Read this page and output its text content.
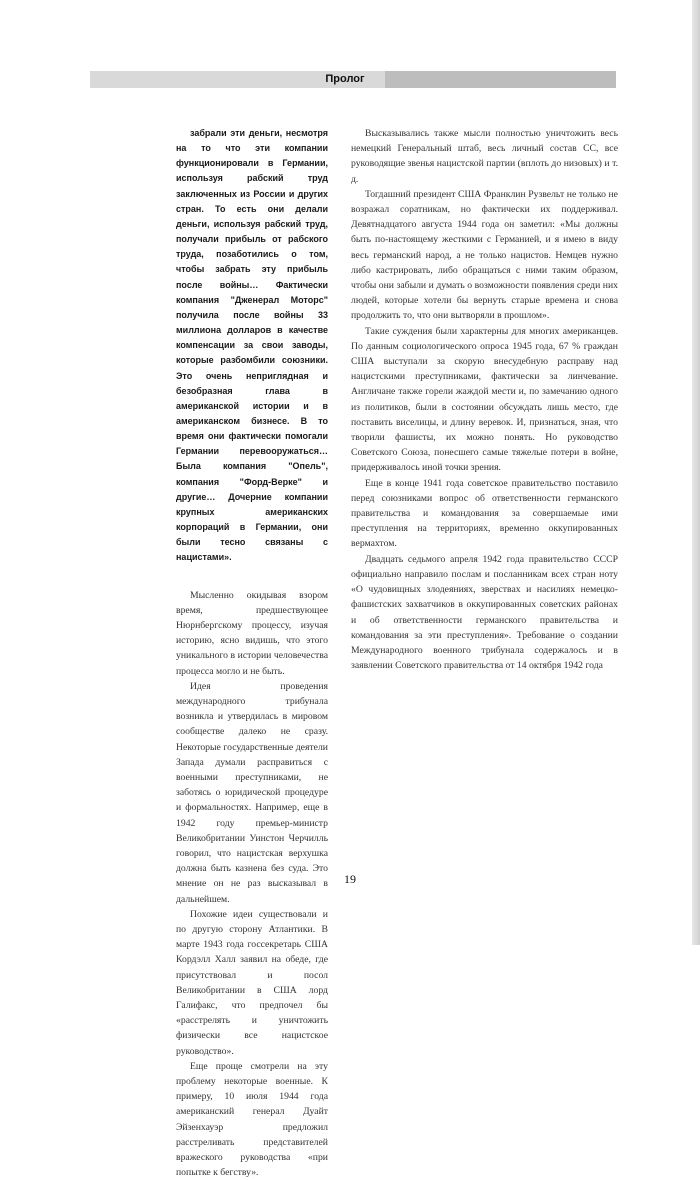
Пролог

забрали эти деньги, несмотря на то что эти компании функционировали в Германии, используя рабский труд заключенных из России и других стран. То есть они делали деньги, используя рабский труд, получали прибыль от рабского труда, позаботились о том, чтобы забрать эту прибыль после войны… Фактически компания "Дженерал Моторс" получила после войны 33 миллиона долларов в качестве компенсации за свои заводы, которые разбомбили союзники. Это очень неприглядная и безобразная глава в американской истории и в американском бизнесе. В то время они фактически помогали Германии перевооружаться… Была компания "Опель", компания "Форд-Верке" и другие… Дочерние компании крупных американских корпораций в Германии, они были тесно связаны с нацистами».

Мысленно окидывая взором время, предшествующее Нюрнбергскому процессу, изучая историю, ясно видишь, что этого уникального в истории человечества процесса могло и не быть.

Идея проведения международного трибунала возникла и утвердилась в мировом сообществе далеко не сразу. Некоторые государственные деятели Запада думали расправиться с военными преступниками, не заботясь о юридической процедуре и формальностях. Например, еще в 1942 году премьер-министр Великобритании Уинстон Черчилль говорил, что нацистская верхушка должна быть казнена без суда. Это мнение он не раз высказывал в дальнейшем.

Похожие идеи существовали и по другую сторону Атлантики. В марте 1943 года госсекретарь США Кордэлл Халл заявил на обеде, где присутствовал и посол Великобритании в США лорд Галифакс, что предпочел бы «расстрелять и уничтожить физически все нацистское руководство».

Еще проще смотрели на эту проблему некоторые военные. К примеру, 10 июля 1944 года американский генерал Дуайт Эйзенхауэр предложил расстреливать представителей вражеского руководства «при попытке к бегству».

Высказывались также мысли полностью уничтожить весь немецкий Генеральный штаб, весь личный состав СС, все руководящие звенья нацистской партии (вплоть до низовых) и т. д.

Тогдашний президент США Франклин Рузвельт не только не возражал соратникам, но фактически их поддерживал. Девятнадцатого августа 1944 года он заметил: «Мы должны быть по-настоящему жесткими с Германией, и я имею в виду весь германский народ, а не только нацистов. Немцев нужно либо кастрировать, либо обращаться с ними таким образом, чтобы они забыли и думать о возможности появления среди них людей, которые хотели бы вернуть старые времена и снова продолжить то, что они вытворяли в прошлом».

Такие суждения были характерны для многих американцев. По данным социологического опроса 1945 года, 67 % граждан США выступали за скорую внесудебную расправу над нацистскими преступниками, фактически за линчевание. Англичане также горели жаждой мести и, по замечанию одного из политиков, были в состоянии обсуждать лишь место, где поставить виселицы, и длину веревок. И, признаться, зная, что творили фашисты, их можно понять. Но руководство Советского Союза, понесшего самые тяжелые потери в войне, придерживалось иной точки зрения.

Еще в конце 1941 года советское правительство поставило перед союзниками вопрос об ответственности германского правительства и командования за совершаемые ими преступления на территориях, временно оккупированных вермахтом.

Двадцать седьмого апреля 1942 года правительство СССР официально направило послам и посланникам всех стран ноту «О чудовищных злодеяниях, зверствах и насилиях немецко-фашистских захватчиков в оккупированных советских районах и об ответственности германского правительства и командования за эти преступления». Требование о создании Международного военного трибунала содержалось и в заявлении Советского правительства от 14 октября 1942 года

19
